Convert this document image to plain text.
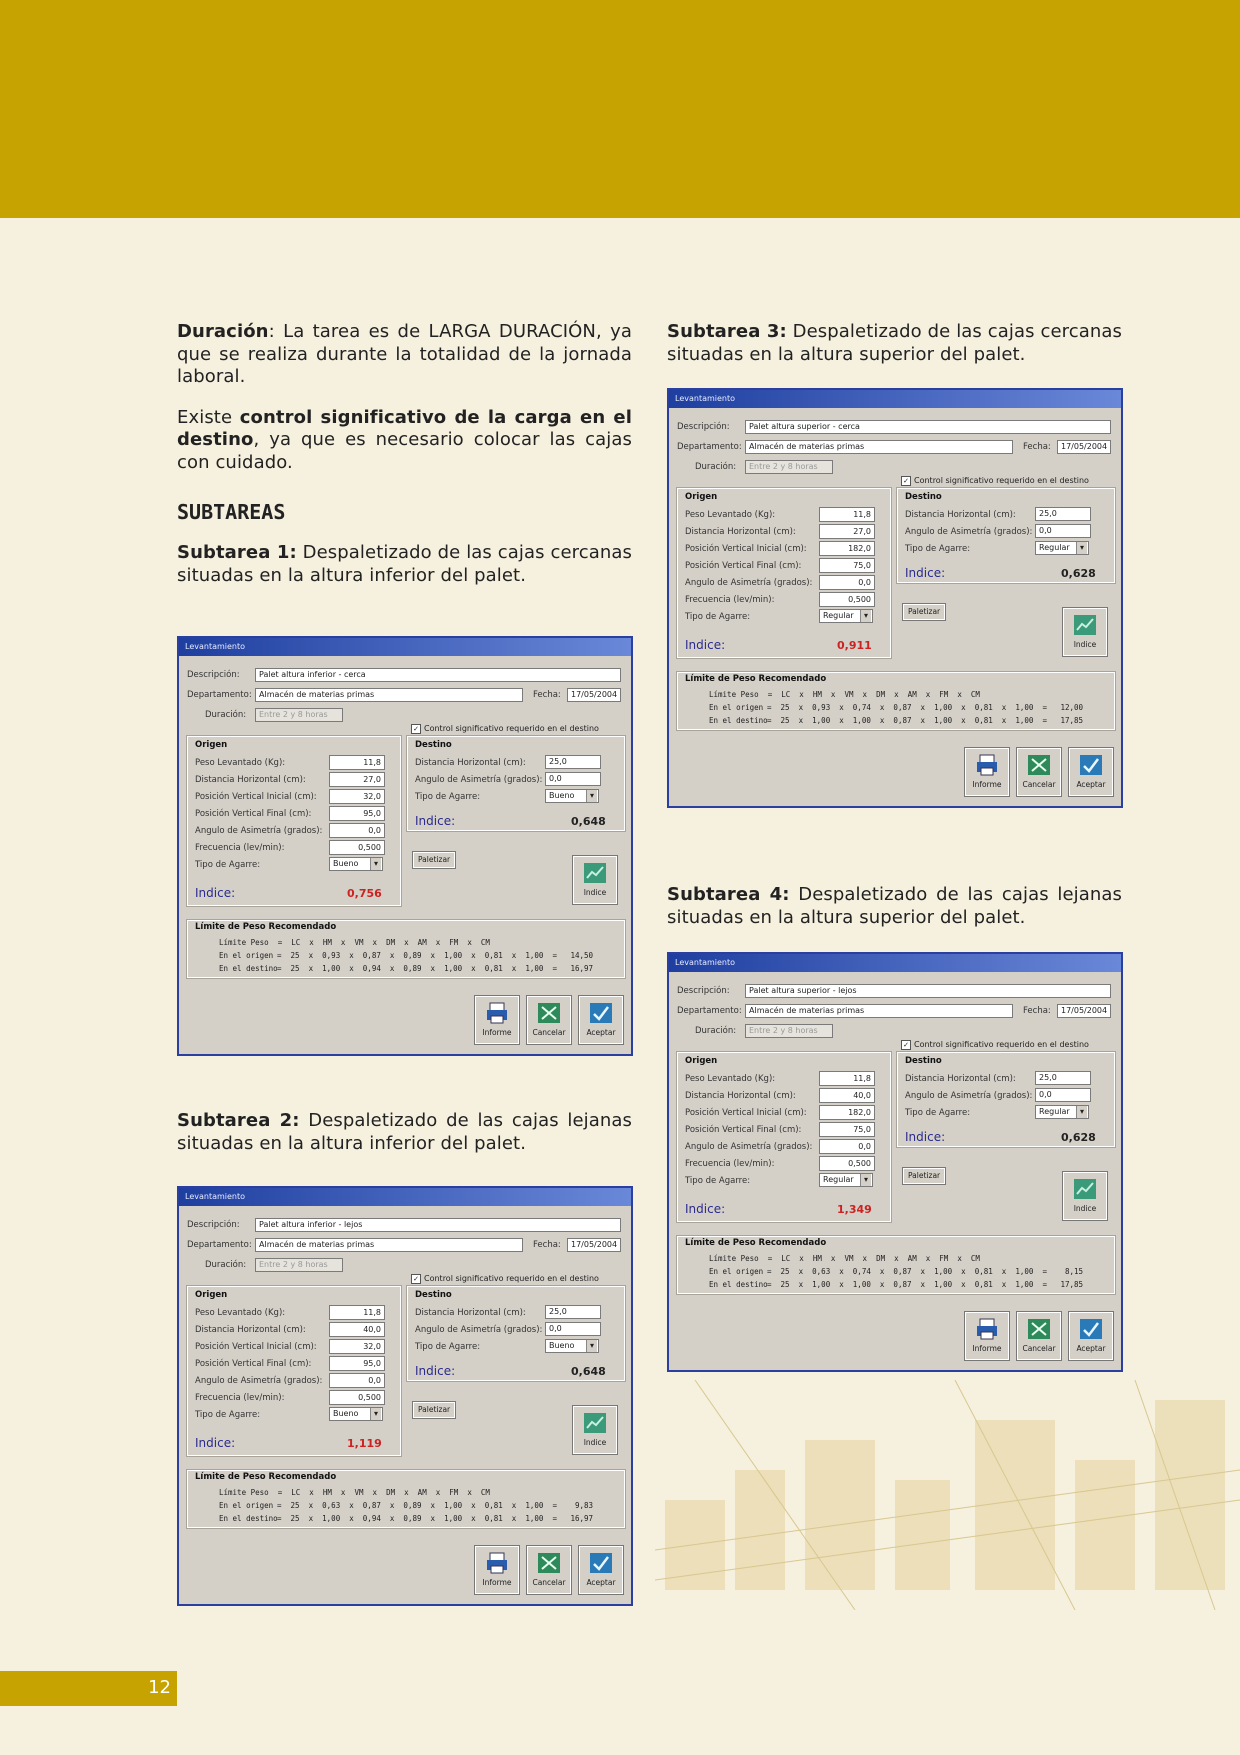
Duración: La tarea es de LARGA DURACIÓN, ya que se realiza durante la totalidad de la jornada laboral.

Existe control significativo de la carga en el destino, ya que es necesario colocar las cajas con cuidado.

SUBTAREAS

Subtarea 1: Despaletizado de las cajas cercanas situadas en la altura inferior del palet.

Subtarea 2: Despaletizado de las cajas lejanas situadas en la altura inferior del palet.

Subtarea 3: Despaletizado de las cajas cercanas situadas en la altura superior del palet.

Subtarea 4: Despaletizado de las cajas lejanas situadas en la altura superior del palet.

12
Levantamiento
Descripción:	Palet altura inferior - cerca
Departamento: Almacén de materias primas	Fecha:	17/05/2004
Duración:	Entre 2 y 8 horas
✓ Control significativo requerido en el destino
Origen
Peso Levantado (Kg):	11,8
Distancia Horizontal (cm):	27,0
Posición Vertical Inicial (cm):	32,0
Posición Vertical Final (cm):	95,0
Angulo de Asimetría (grados):	0,0
Frecuencia (lev/min):	0,500
Tipo de Agarre:	Bueno ▾
Indice:	0,756
Destino
Distancia Horizontal (cm):	25,0
Angulo de Asimetría (grados): 0,0
Tipo de Agarre:	Bueno ▾
Indice:	0,648
Paletizar
Indice
Límite de Peso Recomendado
Límite Peso  =  LC  x  HM  x  VM  x  DM  x  AM  x  FM  x  CM
En el origen =  25  x  0,93  x  0,87  x  0,89  x  1,00  x  0,81  x  1,00  =   14,50
En el destino =  25  x  1,00  x  0,94  x  0,89  x  1,00  x  0,81  x  1,00  =   16,97
Informe	Cancelar	Aceptar
Levantamiento
Descripción:	Palet altura inferior - lejos
Departamento: Almacén de materias primas	Fecha:	17/05/2004
Duración:	Entre 2 y 8 horas
✓ Control significativo requerido en el destino
Origen
Peso Levantado (Kg):	11,8
Distancia Horizontal (cm):	40,0
Posición Vertical Inicial (cm):	32,0
Posición Vertical Final (cm):	95,0
Angulo de Asimetría (grados):	0,0
Frecuencia (lev/min):	0,500
Tipo de Agarre:	Bueno ▾
Indice:	1,119
Destino
Distancia Horizontal (cm):	25,0
Angulo de Asimetría (grados): 0,0
Tipo de Agarre:	Bueno ▾
Indice:	0,648
Paletizar
Indice
Límite de Peso Recomendado
Límite Peso  =  LC  x  HM  x  VM  x  DM  x  AM  x  FM  x  CM
En el origen =  25  x  0,63  x  0,87  x  0,89  x  1,00  x  0,81  x  1,00  =    9,83
En el destino =  25  x  1,00  x  0,94  x  0,89  x  1,00  x  0,81  x  1,00  =   16,97
Informe	Cancelar	Aceptar
Levantamiento
Descripción:	Palet altura superior - cerca
Departamento: Almacén de materias primas	Fecha:	17/05/2004
Duración:	Entre 2 y 8 horas
✓ Control significativo requerido en el destino
Origen
Peso Levantado (Kg):	11,8
Distancia Horizontal (cm):	27,0
Posición Vertical Inicial (cm):	182,0
Posición Vertical Final (cm):	75,0
Angulo de Asimetría (grados):	0,0
Frecuencia (lev/min):	0,500
Tipo de Agarre:	Regular ▾
Indice:	0,911
Destino
Distancia Horizontal (cm):	25,0
Angulo de Asimetría (grados): 0,0
Tipo de Agarre:	Regular ▾
Indice:	0,628
Paletizar
Indice
Límite de Peso Recomendado
Límite Peso  =  LC  x  HM  x  VM  x  DM  x  AM  x  FM  x  CM
En el origen =  25  x  0,93  x  0,74  x  0,87  x  1,00  x  0,81  x  1,00  =   12,00
En el destino =  25  x  1,00  x  1,00  x  0,87  x  1,00  x  0,81  x  1,00  =   17,85
Informe	Cancelar	Aceptar
Levantamiento
Descripción:	Palet altura superior - lejos
Departamento: Almacén de materias primas	Fecha:	17/05/2004
Duración:	Entre 2 y 8 horas
✓ Control significativo requerido en el destino
Origen
Peso Levantado (Kg):	11,8
Distancia Horizontal (cm):	40,0
Posición Vertical Inicial (cm):	182,0
Posición Vertical Final (cm):	75,0
Angulo de Asimetría (grados):	0,0
Frecuencia (lev/min):	0,500
Tipo de Agarre:	Regular ▾
Indice:	1,349
Destino
Distancia Horizontal (cm):	25,0
Angulo de Asimetría (grados): 0,0
Tipo de Agarre:	Regular ▾
Indice:	0,628
Paletizar
Indice
Límite de Peso Recomendado
Límite Peso  =  LC  x  HM  x  VM  x  DM  x  AM  x  FM  x  CM
En el origen =  25  x  0,63  x  0,74  x  0,87  x  1,00  x  0,81  x  1,00  =    8,15
En el destino =  25  x  1,00  x  1,00  x  0,87  x  1,00  x  0,81  x  1,00  =   17,85
Informe	Cancelar	Aceptar
